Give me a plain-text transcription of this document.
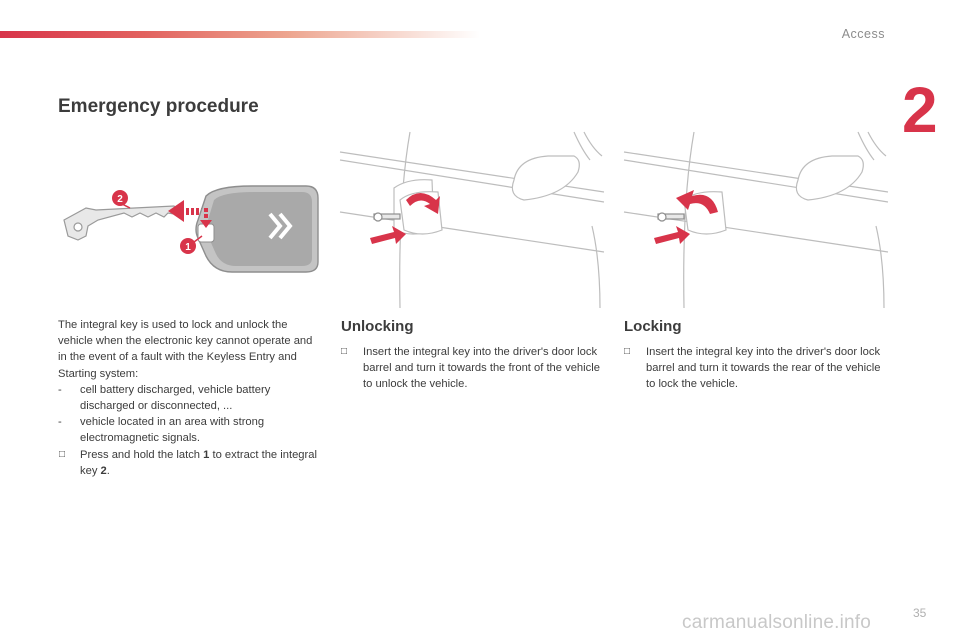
Access
2
Emergency procedure
2
1

The integral key is used to lock and unlock the vehicle when the electronic key cannot operate and in the event of a fault with the Keyless Entry and Starting system:

- cell battery discharged, vehicle battery discharged or disconnected, ...

- vehicle located in an area with strong electromagnetic signals.

□ Press and hold the latch 1 to extract the integral key 2.

Unlocking

□ Insert the integral key into the driver's door lock barrel and turn it towards the front of the vehicle to unlock the vehicle.

Locking

□ Insert the integral key into the driver's door lock barrel and turn it towards the rear of the vehicle to lock the vehicle.

35
carmanualsonline.info
